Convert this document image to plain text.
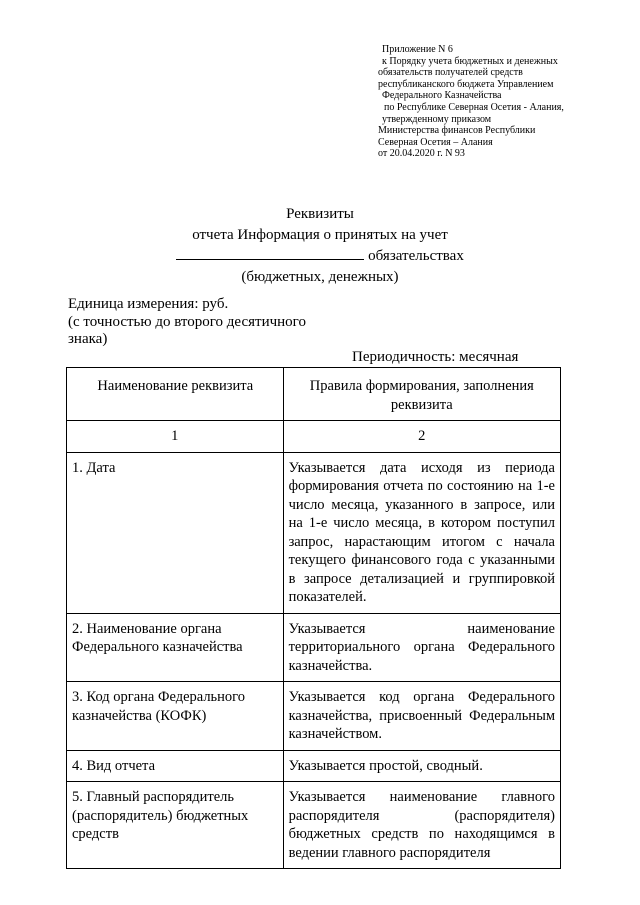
Приложение N 6
к Порядку учета бюджетных и денежных
обязательств получателей средств
республиканского бюджета Управлением
Федерального Казначейства
по Республике Северная Осетия - Алания,
утвержденному приказом
Министерства финансов Республики
Северная Осетия – Алания
от 20.04.2020 г. N 93
Реквизиты
отчета Информация о принятых на учет
обязательствах
(бюджетных, денежных)
Единица измерения: руб.
(с точностью до второго десятичного
знака)
Периодичность: месячная
Наименование реквизита	Правила формирования, заполнения реквизита
1	2
1. Дата	Указывается дата исходя из периода формирования отчета по состоянию на 1-е число месяца, указанного в запросе, или на 1-е число месяца, в котором поступил запрос, нарастающим итогом с начала текущего финансового года с указанными в запросе детализацией и группировкой показателей.
2. Наименование органа Федерального казначейства	Указывается наименование территориального органа Федерального казначейства.
3. Код органа Федерального казначейства (КОФК)	Указывается код органа Федерального казначейства, присвоенный Федеральным казначейством.
4. Вид отчета	Указывается простой, сводный.
5. Главный распорядитель (распорядитель) бюджетных средств	Указывается наименование главного распорядителя (распорядителя) бюджетных средств по находящимся в ведении главного распорядителя
